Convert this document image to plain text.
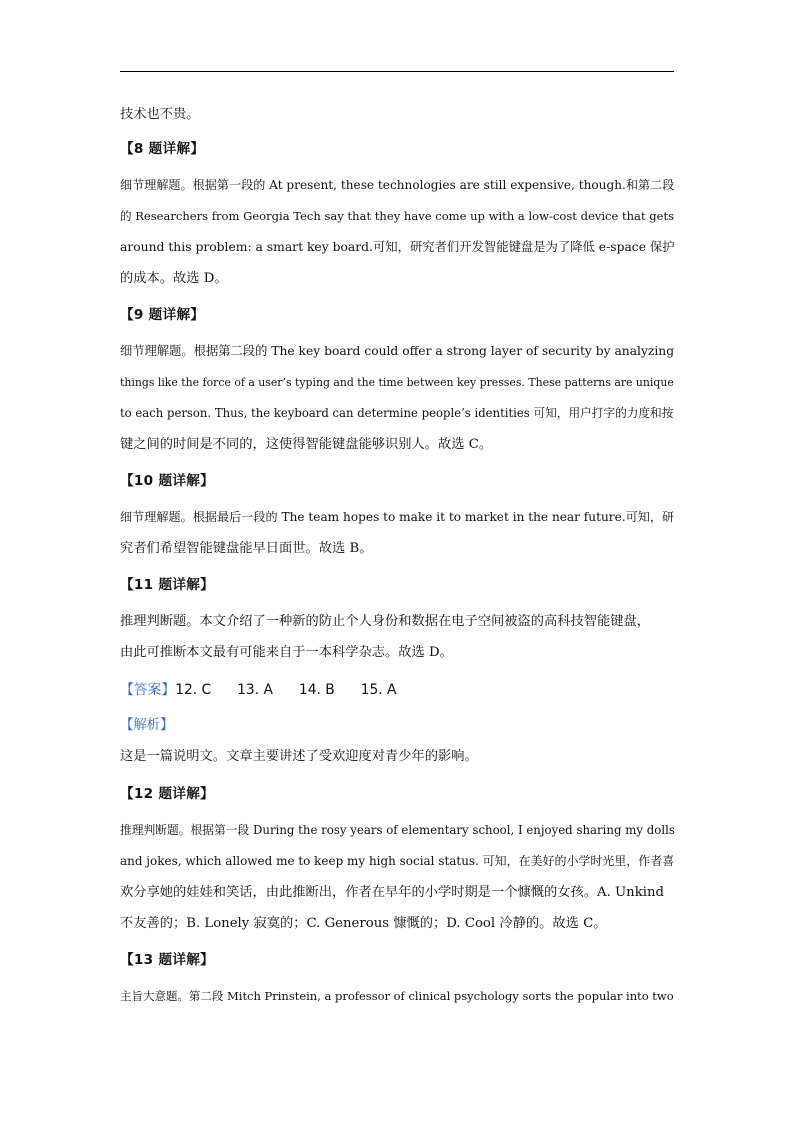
技术也不贵。

【8 题详解】

细节理解题。根据第一段的 At present, these technologies are still expensive, though.和第二段
的 Researchers from Georgia Tech say that they have come up with a low-cost device that gets
around this problem: a smart key board.可知，研究者们开发智能键盘是为了降低 e-space 保护
的成本。故选 D。

【9 题详解】

细节理解题。根据第二段的 The key board could offer a strong layer of security by analyzing
things like the force of a user’s typing and the time between key presses. These patterns are unique
to each person. Thus, the keyboard can determine people’s identities 可知，用户打字的力度和按
键之间的时间是不同的，这使得智能键盘能够识别人。故选 C。

【10 题详解】

细节理解题。根据最后一段的 The team hopes to make it to market in the near future.可知，研
究者们希望智能键盘能早日面世。故选 B。

【11 题详解】

推理判断题。本文介绍了一种新的防止个人身份和数据在电子空间被盗的高科技智能键盘，
由此可推断本文最有可能来自于一本科学杂志。故选 D。

【答案】12. C 13. A 14. B 15. A
【解析】

这是一篇说明文。文章主要讲述了受欢迎度对青少年的影响。

【12 题详解】

推理判断题。根据第一段 During the rosy years of elementary school, I enjoyed sharing my dolls
and jokes, which allowed me to keep my high social status. 可知，在美好的小学时光里，作者喜
欢分享她的娃娃和笑话，由此推断出，作者在早年的小学时期是一个慷慨的女孩。A. Unkind
不友善的；B. Lonely 寂寞的；C. Generous 慷慨的；D. Cool 冷静的。故选 C。

【13 题详解】

主旨大意题。第二段 Mitch Prinstein, a professor of clinical psychology sorts the popular into two
